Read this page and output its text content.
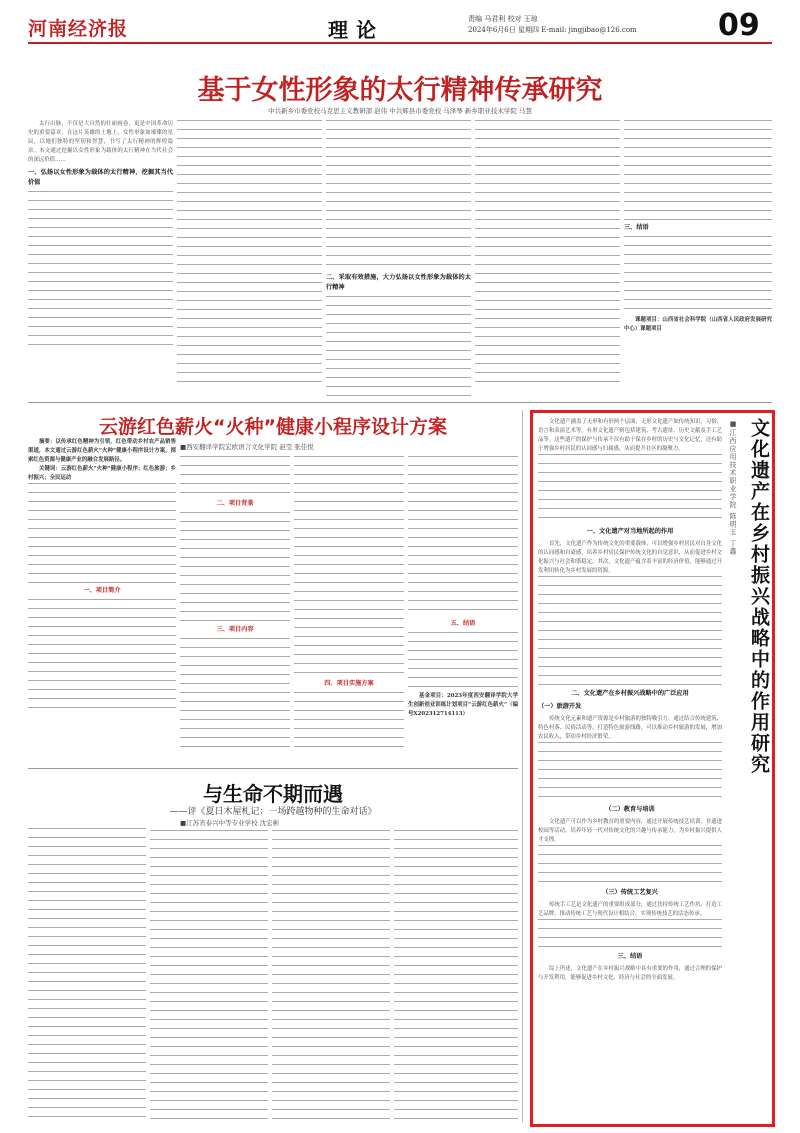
河南经济报	理论	责编 马君利 校对 王琼
2024年6月6日 星期四 E-mail: jingjibao@126.com	09
基于女性形象的太行精神传承研究
中共新乡市委党校马克思主义教研部 赵伟 中共辉县市委党校 马泽琴 新乡职业技术学院 马慧

太行山脉，不仅是大自然的壮丽画卷，更是中国革命历史的重要篇章。在这片英雄的土地上，女性形象如璀璨的星辰，以她们独特的坚韧和智慧，书写了太行精神的辉煌篇章。本文通过挖掘以女性形象为载体的太行精神在当代社会的深远价值……

一、弘扬以女性形象为载体的太行精神，挖掘其当代价值
二、采取有效措施，大力弘扬以女性形象为载体的太行精神
三、结语

课题项目：山西省社会科学院（山西省人民政府发展研究中心）课题项目

云游红色薪火“火种”健康小程序设计方案
■西安翻译学院宏欧语言文化学院 赵莹 张佳悦

摘要：以传承红色精神为引领，红色带动乡村农产品销售渠道，本文通过云游红色薪火“火种”健康小程序设计方案，探索红色资源与健康产业的融合发展路径。

关键词：云游红色薪火“火种”健康小程序；红色旅游；乡村振兴；全民运动

一、项目简介
二、项目背景
三、项目内容
四、项目实施方案
五、结语

基金项目：2023年度西安翻译学院大学生创新创业训练计划项目“云游红色薪火”（编号X202312714113）

与生命不期而遇
——评《夏日木屋札记：一场跨越物种的生命对话》
■江苏省泰兴中等专业学校 沈宏彬

文化遗产涵盖了无形和有形两个层面，无形文化遗产如传统知识、习俗、语言和表演艺术等，有形文化遗产则包括建筑、考古遗址、历史文献及手工艺品等。这些遗产的保护与传承不仅有助于保存乡村的历史与文化记忆，还有助于增强乡村居民的认同感与归属感，从而提升社区的凝聚力。

一、文化遗产对当地所起的作用

首先，文化遗产作为传统文化的重要载体，可以增强乡村居民对自身文化的认同感和自豪感，培养乡村居民保护传统文化的自觉意识，从而促进乡村文化振兴与社会和谐稳定。其次，文化遗产蕴含着丰富的经济价值，能够通过开发利用转化为乡村发展的资源。

二、文化遗产在乡村振兴战略中的广泛应用
（一）旅游开发

传统文化元素和遗产资源是乡村旅游的独特吸引力。通过结合传统建筑、特色村落、民俗活动等，打造特色旅游线路，可以推动乡村旅游的发展，增加农民收入，带动乡村经济繁荣。

（二）教育与培训

文化遗产可以作为乡村教育的重要内容，通过开展传统技艺培训、非遗进校园等活动，培养年轻一代对传统文化的兴趣与传承能力，为乡村振兴提供人才支撑。

（三）传统工艺复兴

传统手工艺是文化遗产的重要组成部分，通过扶持传统工艺作坊、打造工艺品牌，推动传统工艺与现代设计相结合，实现传统技艺的活态传承。

三、结语

综上所述，文化遗产在乡村振兴战略中具有重要的作用，通过合理的保护与开发利用，能够促进乡村文化、经济与社会的全面发展。

文化遗产在乡村振兴战略中的作用研究
■江西应用技术职业学院 陈明玉 丁鑫
